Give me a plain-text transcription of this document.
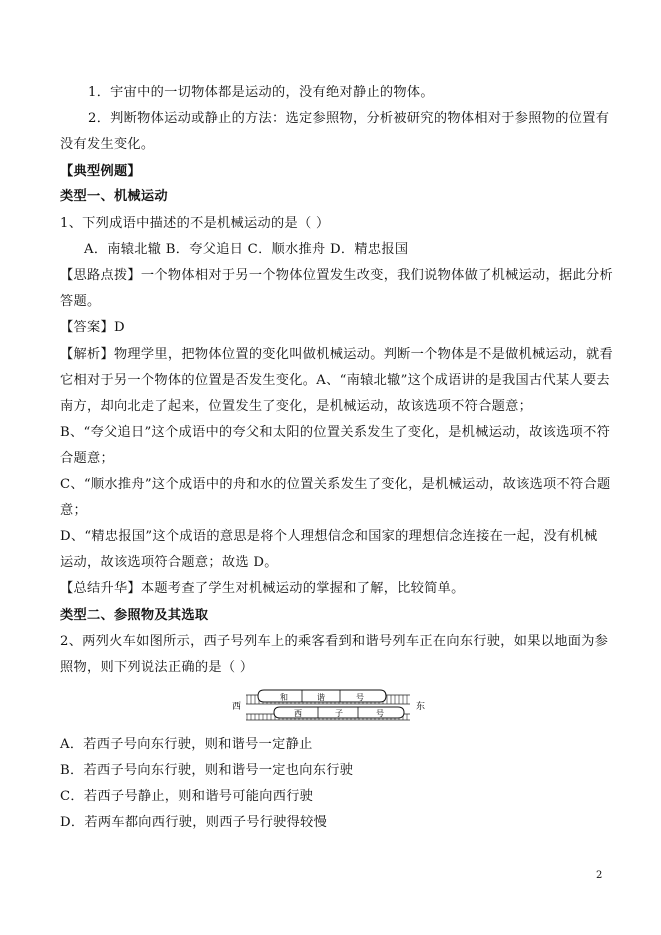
1．宇宙中的一切物体都是运动的，没有绝对静止的物体。
2．判断物体运动或静止的方法：选定参照物，分析被研究的物体相对于参照物的位置有
没有发生变化。
【典型例题】
类型一、机械运动
1、下列成语中描述的不是机械运动的是（ ）
A．南辕北辙 B．夸父追日 C．顺水推舟 D．精忠报国
【思路点拨】一个物体相对于另一个物体位置发生改变，我们说物体做了机械运动，据此分析
答题。
【答案】D
【解析】物理学里，把物体位置的变化叫做机械运动。判断一个物体是不是做机械运动，就看
它相对于另一个物体的位置是否发生变化。A、“南辕北辙”这个成语讲的是我国古代某人要去
南方，却向北走了起来，位置发生了变化，是机械运动，故该选项不符合题意；
B、“夸父追日”这个成语中的夸父和太阳的位置关系发生了变化，是机械运动，故该选项不符
合题意；
C、“顺水推舟”这个成语中的舟和水的位置关系发生了变化，是机械运动，故该选项不符合题
意；
D、“精忠报国”这个成语的意思是将个人理想信念和国家的理想信念连接在一起，没有机械
运动，故该选项符合题意；故选 D。
【总结升华】本题考查了学生对机械运动的掌握和了解，比较简单。
类型二、参照物及其选取
2、两列火车如图所示，西子号列车上的乘客看到和谐号列车正在向东行驶，如果以地面为参
照物，则下列说法正确的是（ ）
西	东
和	谐	号
西	子	号
A．若西子号向东行驶，则和谐号一定静止
B．若西子号向东行驶，则和谐号一定也向东行驶
C．若西子号静止，则和谐号可能向西行驶
D．若两车都向西行驶，则西子号行驶得较慢
2
